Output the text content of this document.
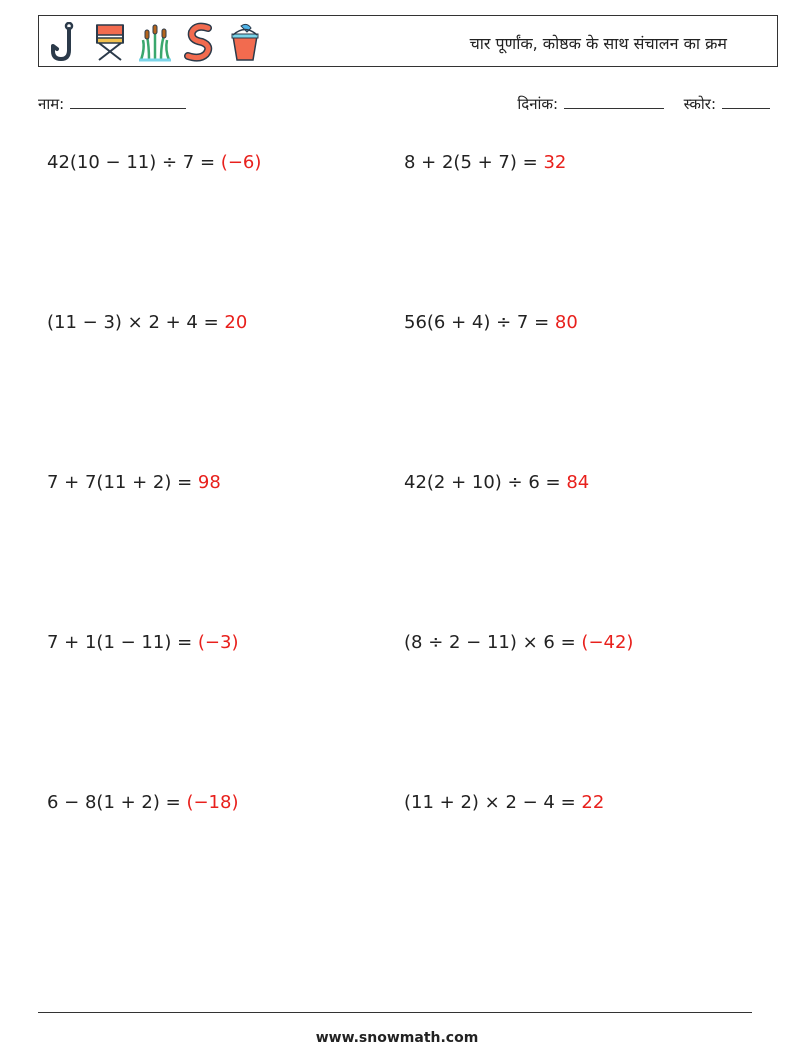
चार पूर्णांक, कोष्ठक के साथ संचालन का क्रम
नाम:	दिनांक:	स्कोर:
42(10 − 11) ÷ 7 = (−6)	8 + 2(5 + 7) = 32
(11 − 3) × 2 + 4 = 20	56(6 + 4) ÷ 7 = 80
7 + 7(11 + 2) = 98	42(2 + 10) ÷ 6 = 84
7 + 1(1 − 11) = (−3)	(8 ÷ 2 − 11) × 6 = (−42)
6 − 8(1 + 2) = (−18)	(11 + 2) × 2 − 4 = 22
www.snowmath.com
